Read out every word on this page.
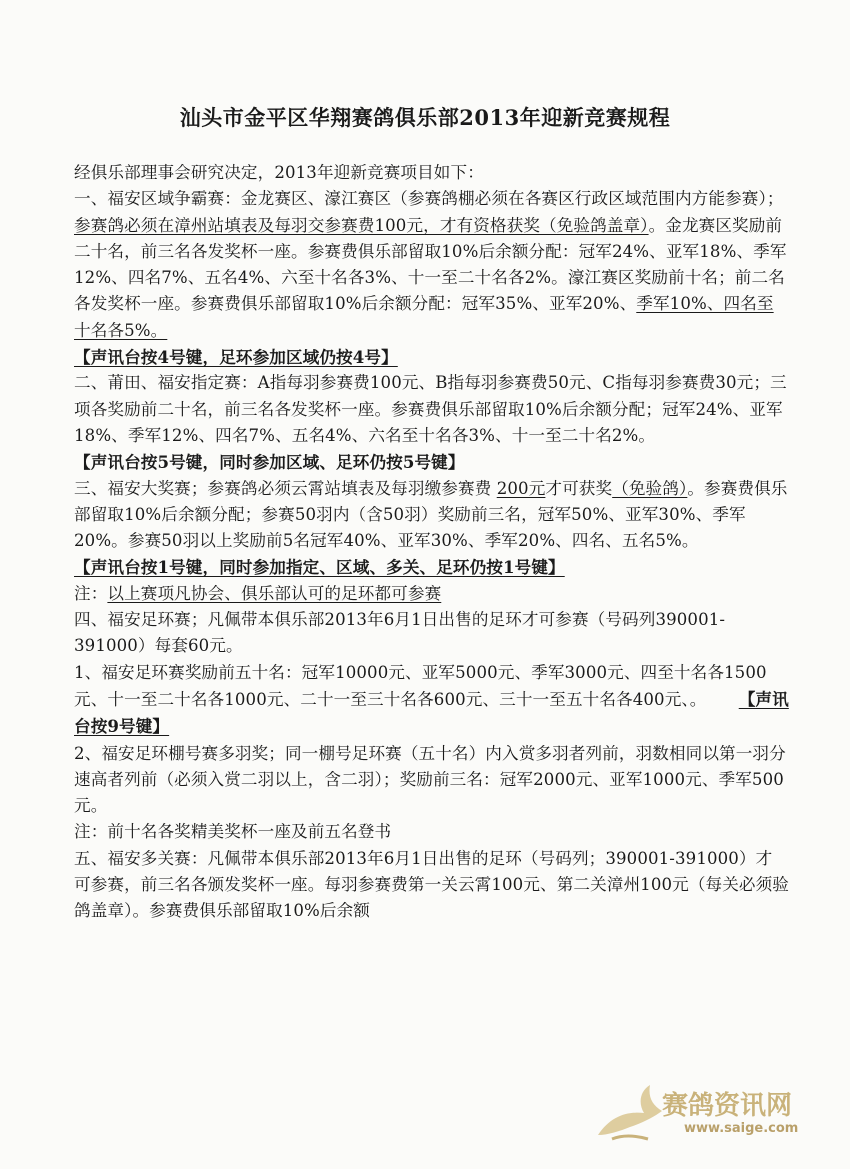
汕头市金平区华翔赛鸽俱乐部2013年迎新竞赛规程

经俱乐部理事会研究决定，2013年迎新竞赛项目如下：

一、福安区域争霸赛：金龙赛区、濠江赛区（参赛鸽棚必须在各赛区行政区域范围内方能参赛）；参赛鸽必须在漳州站填表及每羽交参赛费100元，才有资格获奖（免验鸽盖章）。金龙赛区奖励前二十名，前三名各发奖杯一座。参赛费俱乐部留取10%后余额分配：冠军24%、亚军18%、季军12%、四名7%、五名4%、六至十名各3%、十一至二十名各2%。濠江赛区奖励前十名；前二名各发奖杯一座。参赛费俱乐部留取10%后余额分配：冠军35%、亚军20%、季军10%、四名至十名各5%。

【声讯台按4号键，足环参加区域仍按4号】

二、莆田、福安指定赛：A指每羽参赛费100元、B指每羽参赛费50元、C指每羽参赛费30元；三项各奖励前二十名，前三名各发奖杯一座。参赛费俱乐部留取10%后余额分配；冠军24%、亚军18%、季军12%、四名7%、五名4%、六名至十名各3%、十一至二十名2%。

【声讯台按5号键，同时参加区域、足环仍按5号键】

三、福安大奖赛；参赛鸽必须云霄站填表及每羽缴参赛费 200元才可获奖（免验鸽）。参赛费俱乐部留取10%后余额分配；参赛50羽内（含50羽）奖励前三名，冠军50%、亚军30%、季军20%。参赛50羽以上奖励前5名冠军40%、亚军30%、季军20%、四名、五名5%。

【声讯台按1号键，同时参加指定、区域、多关、足环仍按1号键】

注：以上赛项凡协会、俱乐部认可的足环都可参赛

四、福安足环赛；凡佩带本俱乐部2013年6月1日出售的足环才可参赛（号码列390001-391000）每套60元。

1、福安足环赛奖励前五十名：冠军10000元、亚军5000元、季军3000元、四至十名各1500元、十一至二十名各1000元、二十一至三十名各600元、三十一至五十名各400元、。 【声讯台按9号键】

2、福安足环棚号赛多羽奖；同一棚号足环赛（五十名）内入赏多羽者列前，羽数相同以第一羽分速高者列前（必须入赏二羽以上，含二羽）；奖励前三名：冠军2000元、亚军1000元、季军500元。

注：前十名各奖精美奖杯一座及前五名登书

五、福安多关赛：凡佩带本俱乐部2013年6月1日出售的足环（号码列；390001-391000）才可参赛，前三名各颁发奖杯一座。每羽参赛费第一关云霄100元、第二关漳州100元（每关必须验鸽盖章）。参赛费俱乐部留取10%后余额

赛鸽资讯网
www.saige.com
